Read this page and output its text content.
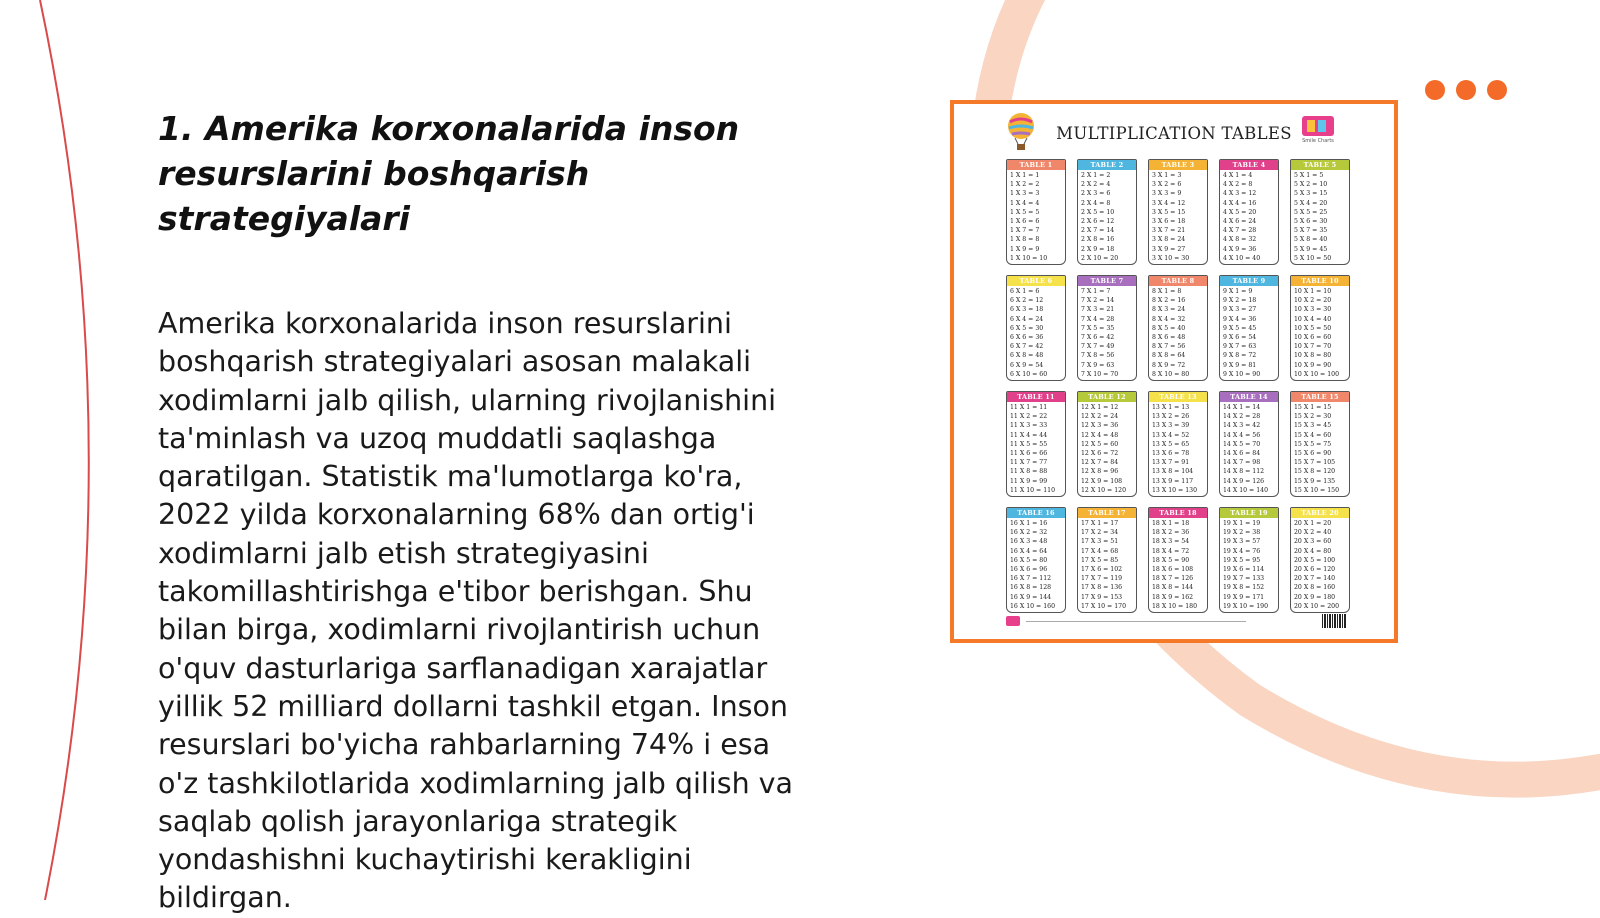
1. Amerika korxonalarida inson
resurslarini boshqarish strategiyalari
Amerika korxonalarida inson resurslarini
boshqarish strategiyalari asosan malakali
xodimlarni jalb qilish, ularning rivojlanishini
ta'minlash va uzoq muddatli saqlashga
qaratilgan. Statistik ma'lumotlarga ko'ra,
2022 yilda korxonalarning 68% dan ortig'i
xodimlarni jalb etish strategiyasini
takomillashtirishga e'tibor berishgan. Shu
bilan birga, xodimlarni rivojlantirish uchun
o'quv dasturlariga sarflanadigan xarajatlar
yillik 52 milliard dollarni tashkil etgan. Inson
resurslari bo'yicha rahbarlarning 74% i esa
o'z tashkilotlarida xodimlarning jalb qilish va
saqlab qolish jarayonlariga strategik
yondashishni kuchaytirishi kerakligini
bildirgan.
MULTIPLICATION TABLES Smile Charts
TABLE 1
1 X 1 = 1
1 X 2 = 2
1 X 3 = 3
1 X 4 = 4
1 X 5 = 5
1 X 6 = 6
1 X 7 = 7
1 X 8 = 8
1 X 9 = 9
1 X 10 = 10
TABLE 2
2 X 1 = 2
2 X 2 = 4
2 X 3 = 6
2 X 4 = 8
2 X 5 = 10
2 X 6 = 12
2 X 7 = 14
2 X 8 = 16
2 X 9 = 18
2 X 10 = 20
TABLE 3
3 X 1 = 3
3 X 2 = 6
3 X 3 = 9
3 X 4 = 12
3 X 5 = 15
3 X 6 = 18
3 X 7 = 21
3 X 8 = 24
3 X 9 = 27
3 X 10 = 30
TABLE 4
4 X 1 = 4
4 X 2 = 8
4 X 3 = 12
4 X 4 = 16
4 X 5 = 20
4 X 6 = 24
4 X 7 = 28
4 X 8 = 32
4 X 9 = 36
4 X 10 = 40
TABLE 5
5 X 1 = 5
5 X 2 = 10
5 X 3 = 15
5 X 4 = 20
5 X 5 = 25
5 X 6 = 30
5 X 7 = 35
5 X 8 = 40
5 X 9 = 45
5 X 10 = 50
TABLE 6
6 X 1 = 6
6 X 2 = 12
6 X 3 = 18
6 X 4 = 24
6 X 5 = 30
6 X 6 = 36
6 X 7 = 42
6 X 8 = 48
6 X 9 = 54
6 X 10 = 60
TABLE 7
7 X 1 = 7
7 X 2 = 14
7 X 3 = 21
7 X 4 = 28
7 X 5 = 35
7 X 6 = 42
7 X 7 = 49
7 X 8 = 56
7 X 9 = 63
7 X 10 = 70
TABLE 8
8 X 1 = 8
8 X 2 = 16
8 X 3 = 24
8 X 4 = 32
8 X 5 = 40
8 X 6 = 48
8 X 7 = 56
8 X 8 = 64
8 X 9 = 72
8 X 10 = 80
TABLE 9
9 X 1 = 9
9 X 2 = 18
9 X 3 = 27
9 X 4 = 36
9 X 5 = 45
9 X 6 = 54
9 X 7 = 63
9 X 8 = 72
9 X 9 = 81
9 X 10 = 90
TABLE 10
10 X 1 = 10
10 X 2 = 20
10 X 3 = 30
10 X 4 = 40
10 X 5 = 50
10 X 6 = 60
10 X 7 = 70
10 X 8 = 80
10 X 9 = 90
10 X 10 = 100
TABLE 11
11 X 1 = 11
11 X 2 = 22
11 X 3 = 33
11 X 4 = 44
11 X 5 = 55
11 X 6 = 66
11 X 7 = 77
11 X 8 = 88
11 X 9 = 99
11 X 10 = 110
TABLE 12
12 X 1 = 12
12 X 2 = 24
12 X 3 = 36
12 X 4 = 48
12 X 5 = 60
12 X 6 = 72
12 X 7 = 84
12 X 8 = 96
12 X 9 = 108
12 X 10 = 120
TABLE 13
13 X 1 = 13
13 X 2 = 26
13 X 3 = 39
13 X 4 = 52
13 X 5 = 65
13 X 6 = 78
13 X 7 = 91
13 X 8 = 104
13 X 9 = 117
13 X 10 = 130
TABLE 14
14 X 1 = 14
14 X 2 = 28
14 X 3 = 42
14 X 4 = 56
14 X 5 = 70
14 X 6 = 84
14 X 7 = 98
14 X 8 = 112
14 X 9 = 126
14 X 10 = 140
TABLE 15
15 X 1 = 15
15 X 2 = 30
15 X 3 = 45
15 X 4 = 60
15 X 5 = 75
15 X 6 = 90
15 X 7 = 105
15 X 8 = 120
15 X 9 = 135
15 X 10 = 150
TABLE 16
16 X 1 = 16
16 X 2 = 32
16 X 3 = 48
16 X 4 = 64
16 X 5 = 80
16 X 6 = 96
16 X 7 = 112
16 X 8 = 128
16 X 9 = 144
16 X 10 = 160
TABLE 17
17 X 1 = 17
17 X 2 = 34
17 X 3 = 51
17 X 4 = 68
17 X 5 = 85
17 X 6 = 102
17 X 7 = 119
17 X 8 = 136
17 X 9 = 153
17 X 10 = 170
TABLE 18
18 X 1 = 18
18 X 2 = 36
18 X 3 = 54
18 X 4 = 72
18 X 5 = 90
18 X 6 = 108
18 X 7 = 126
18 X 8 = 144
18 X 9 = 162
18 X 10 = 180
TABLE 19
19 X 1 = 19
19 X 2 = 38
19 X 3 = 57
19 X 4 = 76
19 X 5 = 95
19 X 6 = 114
19 X 7 = 133
19 X 8 = 152
19 X 9 = 171
19 X 10 = 190
TABLE 20
20 X 1 = 20
20 X 2 = 40
20 X 3 = 60
20 X 4 = 80
20 X 5 = 100
20 X 6 = 120
20 X 7 = 140
20 X 8 = 160
20 X 9 = 180
20 X 10 = 200
